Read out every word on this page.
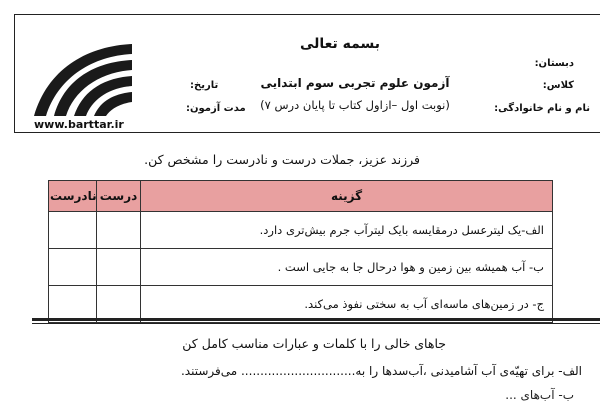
www.barttar.ir
بسمه تعالی
آزمون علوم تجربی سوم ابتدایی
(نوبت اول –ازاول کتاب تا پایان درس ۷)
دبستان:
کلاس:
نام و نام خانوادگی:
تاریخ:
مدت آزمون:
فرزند عزیز، جملات درست و نادرست را مشخص کن.
نادرست	درست	گزینه
		الف-یک لیترعسل درمقایسه بایک لیترآب جرم بیش‌تری دارد.
		ب- آب همیشه بین زمین و هوا درحال جا به جایی است .
		ج- در زمین‌های ماسه‌ای آب به سختی نفوذ می‌کند.
جاهای خالی را با کلمات و عبارات مناسب کامل کن
الف- برای تهیّه‌ی آب آشامیدنی ،آب‌سدها را به.............................. می‌فرستند.
ب- آب‌های ...
